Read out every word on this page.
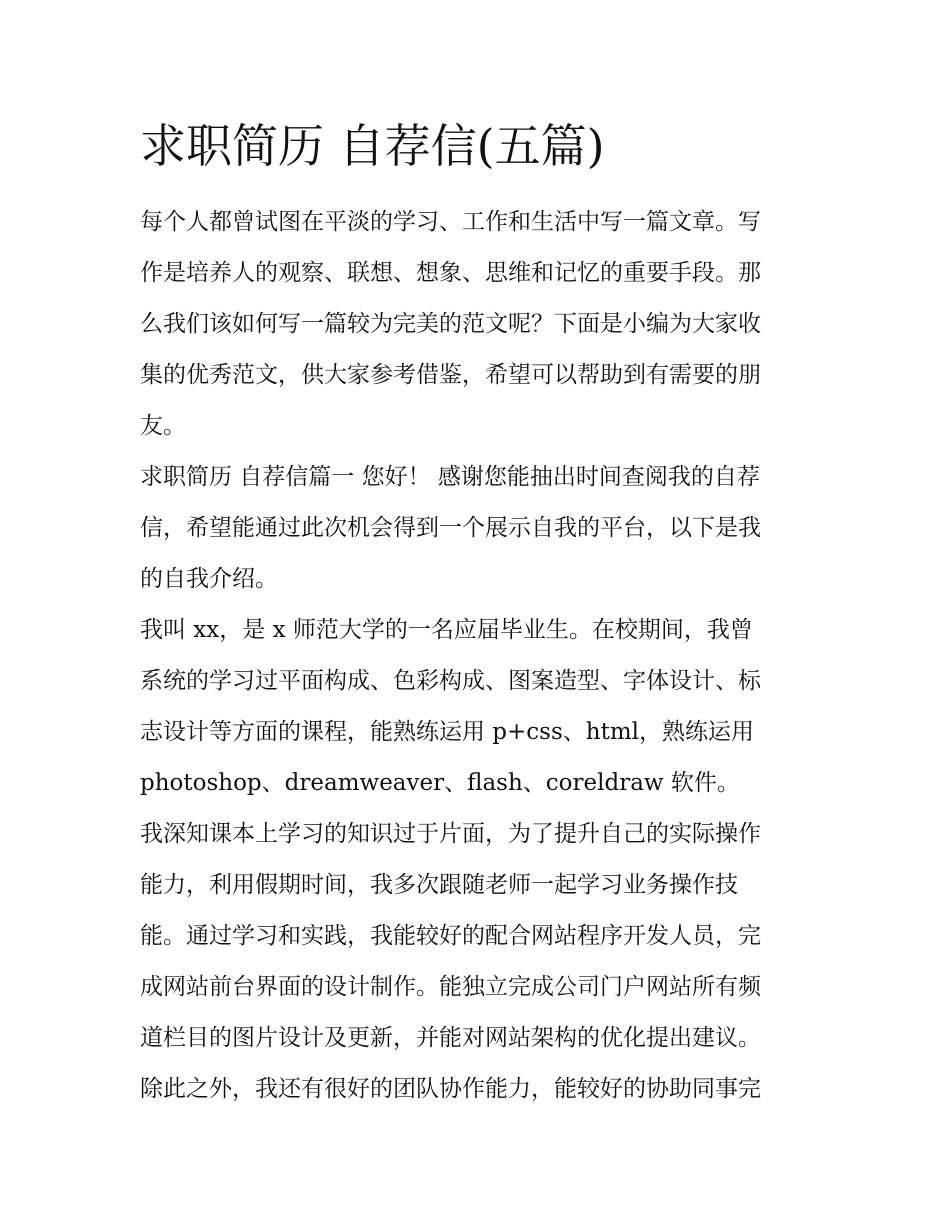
求职简历 自荐信(五篇)
每个人都曾试图在平淡的学习、工作和生活中写一篇文章。写
作是培养人的观察、联想、想象、思维和记忆的重要手段。那
么我们该如何写一篇较为完美的范文呢？下面是小编为大家收
集的优秀范文，供大家参考借鉴，希望可以帮助到有需要的朋
友。
求职简历 自荐信篇一 您好！ 感谢您能抽出时间查阅我的自荐
信，希望能通过此次机会得到一个展示自我的平台，以下是我
的自我介绍。
我叫 xx，是 x 师范大学的一名应届毕业生。在校期间，我曾
系统的学习过平面构成、色彩构成、图案造型、字体设计、标
志设计等方面的课程，能熟练运用 p+css、html，熟练运用
photoshop、dreamweaver、flash、coreldraw 软件。
我深知课本上学习的知识过于片面，为了提升自己的实际操作
能力，利用假期时间，我多次跟随老师一起学习业务操作技
能。通过学习和实践，我能较好的配合网站程序开发人员，完
成网站前台界面的设计制作。能独立完成公司门户网站所有频
道栏目的图片设计及更新，并能对网站架构的优化提出建议。
除此之外，我还有很好的团队协作能力，能较好的协助同事完
